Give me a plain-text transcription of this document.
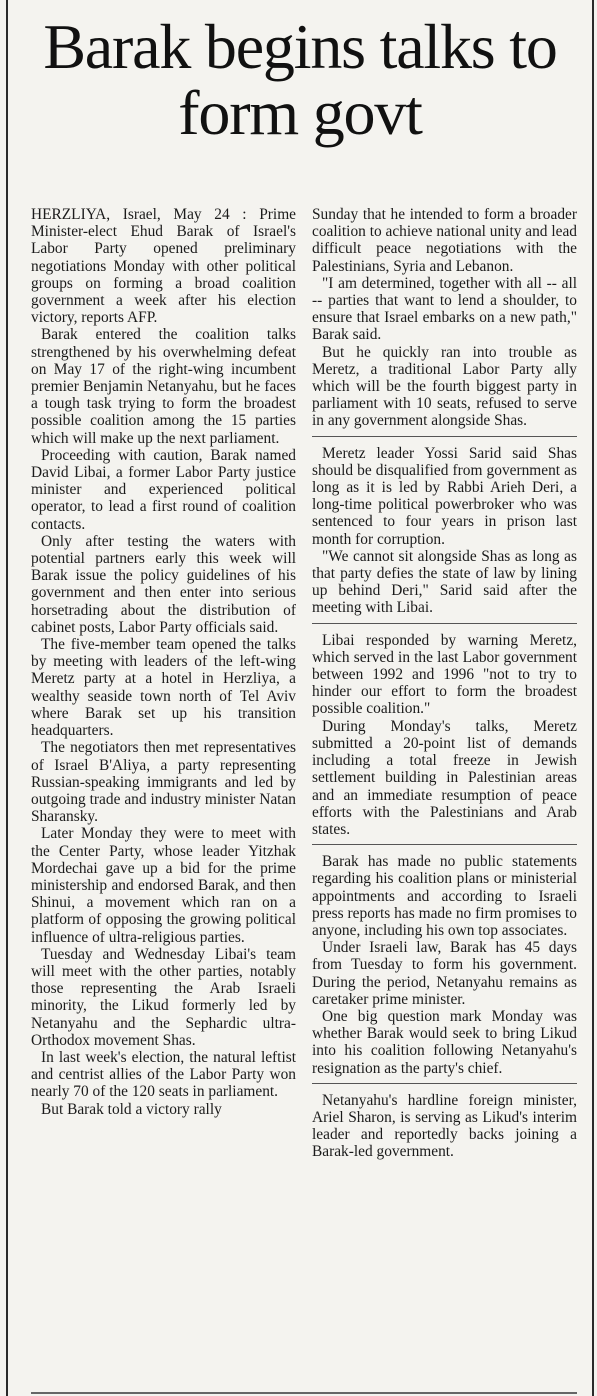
Barak begins talks to form govt

HERZLIYA, Israel, May 24 : Prime Minister-elect Ehud Barak of Israel's Labor Party opened preliminary negotiations Monday with other political groups on forming a broad coalition government a week after his election victory, reports AFP.

Barak entered the coalition talks strengthened by his overwhelming defeat on May 17 of the right-wing incumbent premier Benjamin Netanyahu, but he faces a tough task trying to form the broadest possible coalition among the 15 parties which will make up the next parliament.

Proceeding with caution, Barak named David Libai, a former Labor Party justice minister and experienced political operator, to lead a first round of coalition contacts.

Only after testing the waters with potential partners early this week will Barak issue the policy guidelines of his government and then enter into serious horsetrading about the distribution of cabinet posts, Labor Party officials said.

The five-member team opened the talks by meeting with leaders of the left-wing Meretz party at a hotel in Herzliya, a wealthy seaside town north of Tel Aviv where Barak set up his transition headquarters.

The negotiators then met representatives of Israel B'Aliya, a party representing Russian-speaking immigrants and led by outgoing trade and industry minister Natan Sharansky.

Later Monday they were to meet with the Center Party, whose leader Yitzhak Mordechai gave up a bid for the prime ministership and endorsed Barak, and then Shinui, a movement which ran on a platform of opposing the growing political influence of ultra-religious parties.

Tuesday and Wednesday Libai's team will meet with the other parties, notably those representing the Arab Israeli minority, the Likud formerly led by Netanyahu and the Sephardic ultra-Orthodox movement Shas.

In last week's election, the natural leftist and centrist allies of the Labor Party won nearly 70 of the 120 seats in parliament.

But Barak told a victory rally

Sunday that he intended to form a broader coalition to achieve national unity and lead difficult peace negotiations with the Palestinians, Syria and Lebanon.

"I am determined, together with all -- all -- parties that want to lend a shoulder, to ensure that Israel embarks on a new path," Barak said.

But he quickly ran into trouble as Meretz, a traditional Labor Party ally which will be the fourth biggest party in parliament with 10 seats, refused to serve in any government alongside Shas.

Meretz leader Yossi Sarid said Shas should be disqualified from government as long as it is led by Rabbi Arieh Deri, a long-time political powerbroker who was sentenced to four years in prison last month for corruption.

"We cannot sit alongside Shas as long as that party defies the state of law by lining up behind Deri," Sarid said after the meeting with Libai.

Libai responded by warning Meretz, which served in the last Labor government between 1992 and 1996 "not to try to hinder our effort to form the broadest possible coalition."

During Monday's talks, Meretz submitted a 20-point list of demands including a total freeze in Jewish settlement building in Palestinian areas and an immediate resumption of peace efforts with the Palestinians and Arab states.

Barak has made no public statements regarding his coalition plans or ministerial appointments and according to Israeli press reports has made no firm promises to anyone, including his own top associates.

Under Israeli law, Barak has 45 days from Tuesday to form his government. During the period, Netanyahu remains as caretaker prime minister.

One big question mark Monday was whether Barak would seek to bring Likud into his coalition following Netanyahu's resignation as the party's chief.

Netanyahu's hardline foreign minister, Ariel Sharon, is serving as Likud's interim leader and reportedly backs joining a Barak-led government.
